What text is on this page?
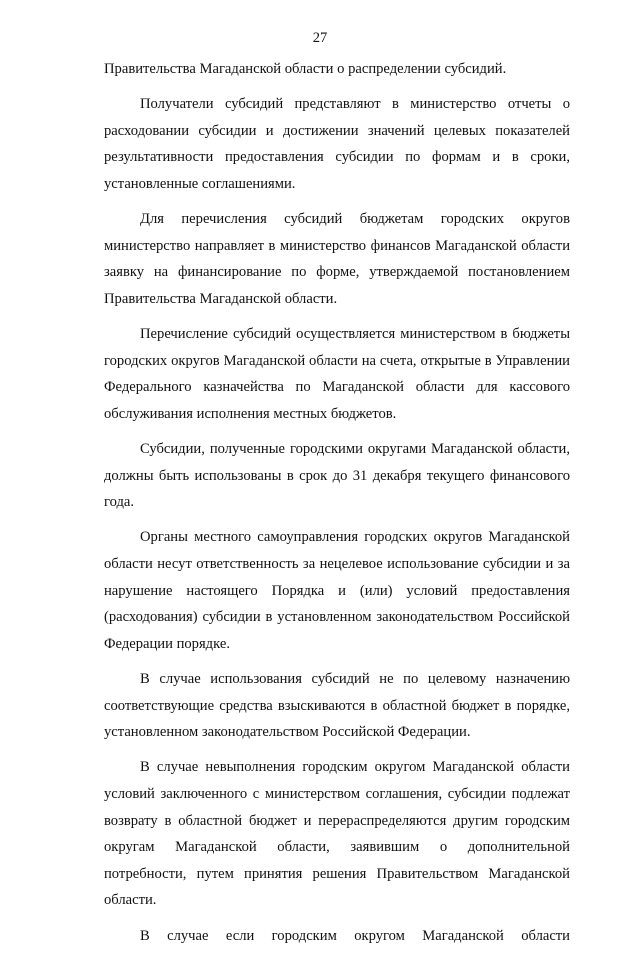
27

Правительства Магаданской области о распределении субсидий.

Получатели субсидий представляют в министерство отчеты о расходовании субсидии и достижении значений целевых показателей результативности предоставления субсидии по формам и в сроки, установленные соглашениями.

Для перечисления субсидий бюджетам городских округов министерство направляет в министерство финансов Магаданской области заявку на финансирование по форме, утверждаемой постановлением Правительства Магаданской области.

Перечисление субсидий осуществляется министерством в бюджеты городских округов Магаданской области на счета, открытые в Управлении Федерального казначейства по Магаданской области для кассового обслуживания исполнения местных бюджетов.

Субсидии, полученные городскими округами Магаданской области, должны быть использованы в срок до 31 декабря текущего финансового года.

Органы местного самоуправления городских округов Магаданской области несут ответственность за нецелевое использование субсидии и за нарушение настоящего Порядка и (или) условий предоставления (расходования) субсидии в установленном законодательством Российской Федерации порядке.

В случае использования субсидий не по целевому назначению соответствующие средства взыскиваются в областной бюджет в порядке, установленном законодательством Российской Федерации.

В случае невыполнения городским округом Магаданской области условий заключенного с министерством соглашения, субсидии подлежат возврату в областной бюджет и перераспределяются другим городским округам Магаданской области, заявившим о дополнительной потребности, путем принятия решения Правительством Магаданской области.

В случае если городским округом Магаданской области
